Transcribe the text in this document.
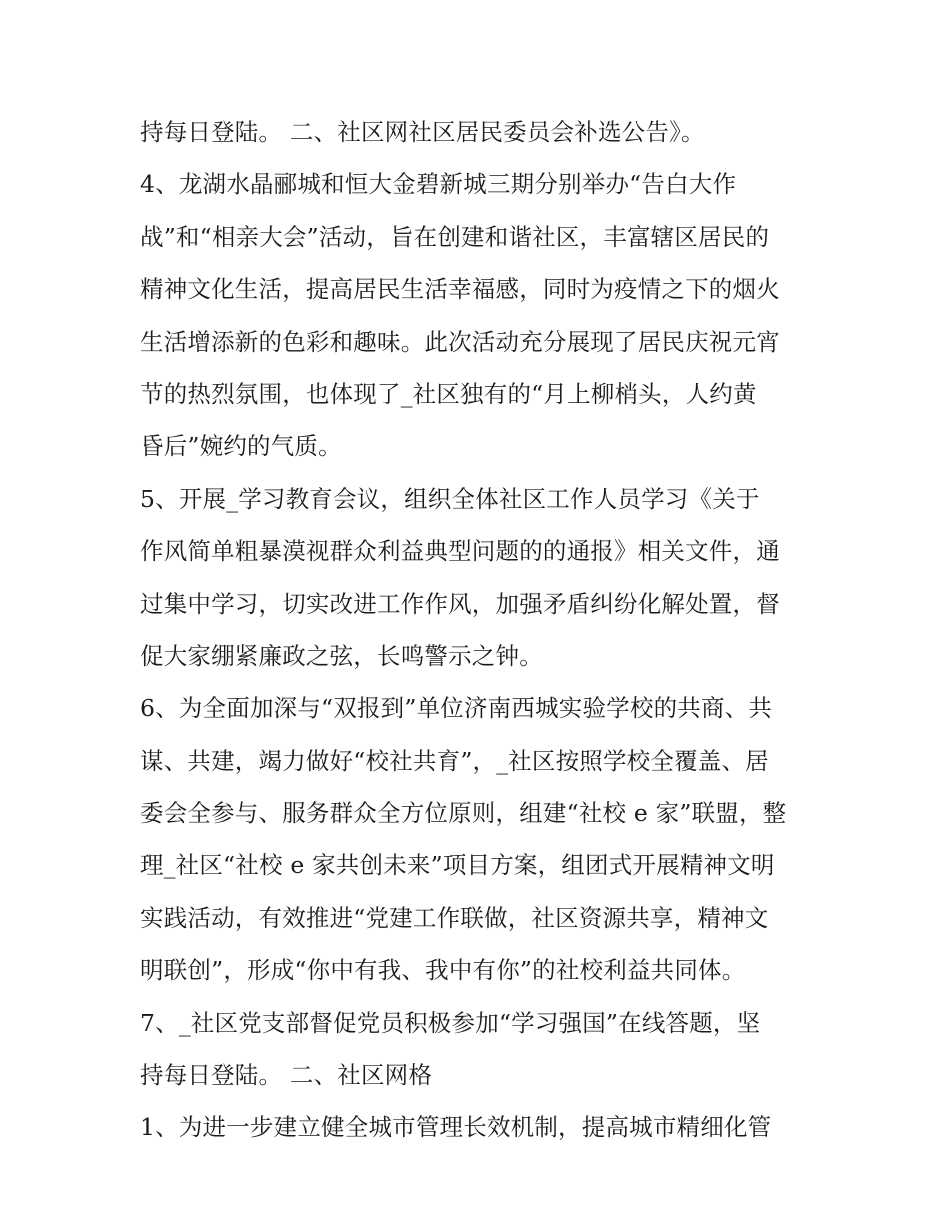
持每日登陆。 二、社区网社区居民委员会补选公告》。
4、龙湖水晶郦城和恒大金碧新城三期分别举办“告白大作
战”和“相亲大会”活动，旨在创建和谐社区，丰富辖区居民的
精神文化生活，提高居民生活幸福感，同时为疫情之下的烟火
生活增添新的色彩和趣味。此次活动充分展现了居民庆祝元宵
节的热烈氛围，也体现了_社区独有的“月上柳梢头，人约黄
昏后”婉约的气质。
5、开展_学习教育会议，组织全体社区工作人员学习《关于
作风简单粗暴漠视群众利益典型问题的的通报》相关文件，通
过集中学习，切实改进工作作风，加强矛盾纠纷化解处置，督
促大家绷紧廉政之弦，长鸣警示之钟。
6、为全面加深与“双报到”单位济南西城实验学校的共商、共
谋、共建，竭力做好“校社共育”，_社区按照学校全覆盖、居
委会全参与、服务群众全方位原则，组建“社校 e 家”联盟，整
理_社区“社校 e 家共创未来”项目方案，组团式开展精神文明
实践活动，有效推进“党建工作联做，社区资源共享，精神文
明联创”，形成“你中有我、我中有你”的社校利益共同体。
7、_社区党支部督促党员积极参加“学习强国”在线答题，坚
持每日登陆。 二、社区网格
1、为进一步建立健全城市管理长效机制，提高城市精细化管
